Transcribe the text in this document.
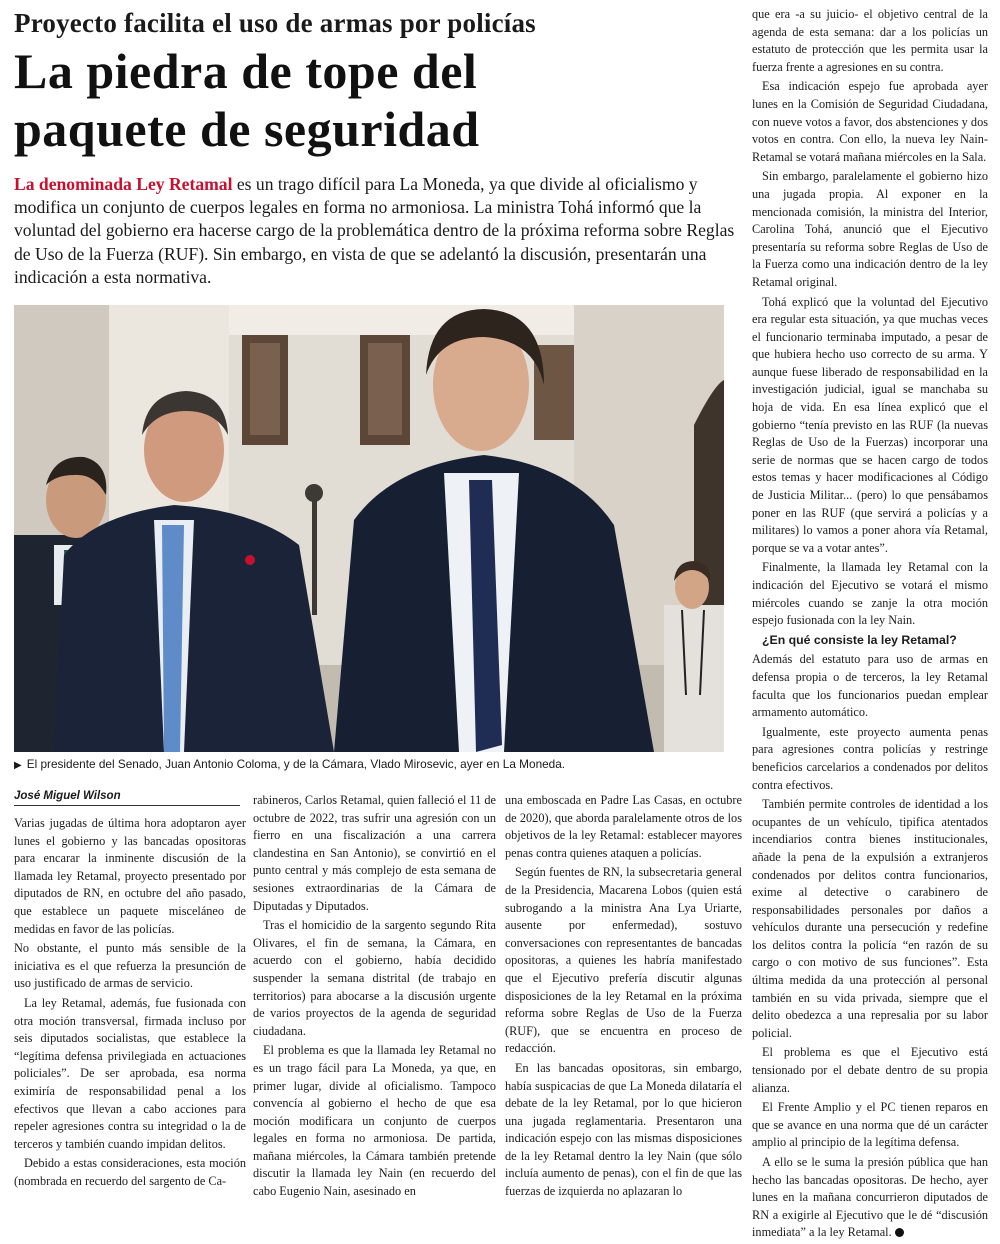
Proyecto facilita el uso de armas por policías
La piedra de tope del
paquete de seguridad
La denominada Ley Retamal es un trago difícil para La Moneda, ya que divide al oficialismo y modifica un conjunto de cuerpos legales en forma no armoniosa. La ministra Tohá informó que la voluntad del gobierno era hacerse cargo de la problemática dentro de la próxima reforma sobre Reglas de Uso de la Fuerza (RUF). Sin embargo, en vista de que se adelantó la discusión, presentarán una indicación a esta normativa.
▶ El presidente del Senado, Juan Antonio Coloma, y de la Cámara, Vlado Mirosevic, ayer en La Moneda.
José Miguel Wilson

Varias jugadas de última hora adoptaron ayer lunes el gobierno y las bancadas opositoras para encarar la inminente discusión de la llamada ley Retamal, proyecto presentado por diputados de RN, en octubre del año pasado, que establece un paquete misceláneo de medidas en favor de las policías.

No obstante, el punto más sensible de la iniciativa es el que refuerza la presunción de uso justificado de armas de servicio.

La ley Retamal, además, fue fusionada con otra moción transversal, firmada incluso por seis diputados socialistas, que establece la “legítima defensa privilegiada en actuaciones policiales”. De ser aprobada, esa norma eximiría de responsabilidad penal a los efectivos que llevan a cabo acciones para repeler agresiones contra su integridad o la de terceros y también cuando impidan delitos.

Debido a estas consideraciones, esta moción (nombrada en recuerdo del sargento de Ca-

rabineros, Carlos Retamal, quien falleció el 11 de octubre de 2022, tras sufrir una agresión con un fierro en una fiscalización a una carrera clandestina en San Antonio), se convirtió en el punto central y más complejo de esta semana de sesiones extraordinarias de la Cámara de Diputadas y Diputados.

Tras el homicidio de la sargento segundo Rita Olivares, el fin de semana, la Cámara, en acuerdo con el gobierno, había decidido suspender la semana distrital (de trabajo en territorios) para abocarse a la discusión urgente de varios proyectos de la agenda de seguridad ciudadana.

El problema es que la llamada ley Retamal no es un trago fácil para La Moneda, ya que, en primer lugar, divide al oficialismo. Tampoco convencía al gobierno el hecho de que esa moción modificara un conjunto de cuerpos legales en forma no armoniosa. De partida, mañana miércoles, la Cámara también pretende discutir la llamada ley Nain (en recuerdo del cabo Eugenio Nain, asesinado en

una emboscada en Padre Las Casas, en octubre de 2020), que aborda paralelamente otros de los objetivos de la ley Retamal: establecer mayores penas contra quienes ataquen a policías.

Según fuentes de RN, la subsecretaria general de la Presidencia, Macarena Lobos (quien está subrogando a la ministra Ana Lya Uriarte, ausente por enfermedad), sostuvo conversaciones con representantes de bancadas opositoras, a quienes les habría manifestado que el Ejecutivo prefería discutir algunas disposiciones de la ley Retamal en la próxima reforma sobre Reglas de Uso de la Fuerza (RUF), que se encuentra en proceso de redacción.

En las bancadas opositoras, sin embargo, había suspicacias de que La Moneda dilataría el debate de la ley Retamal, por lo que hicieron una jugada reglamentaria. Presentaron una indicación espejo con las mismas disposiciones de la ley Retamal dentro la ley Nain (que sólo incluía aumento de penas), con el fin de que las fuerzas de izquierda no aplazaran lo

que era -a su juicio- el objetivo central de la agenda de esta semana: dar a los policías un estatuto de protección que les permita usar la fuerza frente a agresiones en su contra.

Esa indicación espejo fue aprobada ayer lunes en la Comisión de Seguridad Ciudadana, con nueve votos a favor, dos abstenciones y dos votos en contra. Con ello, la nueva ley Nain-Retamal se votará mañana miércoles en la Sala.

Sin embargo, paralelamente el gobierno hizo una jugada propia. Al exponer en la mencionada comisión, la ministra del Interior, Carolina Tohá, anunció que el Ejecutivo presentaría su reforma sobre Reglas de Uso de la Fuerza como una indicación dentro de la ley Retamal original.

Tohá explicó que la voluntad del Ejecutivo era regular esta situación, ya que muchas veces el funcionario terminaba imputado, a pesar de que hubiera hecho uso correcto de su arma. Y aunque fuese liberado de responsabilidad en la investigación judicial, igual se manchaba su hoja de vida. En esa línea explicó que el gobierno “tenía previsto en las RUF (la nuevas Reglas de Uso de la Fuerzas) incorporar una serie de normas que se hacen cargo de todos estos temas y hacer modificaciones al Código de Justicia Militar... (pero) lo que pensábamos poner en las RUF (que servirá a policías y a militares) lo vamos a poner ahora vía Retamal, porque se va a votar antes”.

Finalmente, la llamada ley Retamal con la indicación del Ejecutivo se votará el mismo miércoles cuando se zanje la otra moción espejo fusionada con la ley Nain.

¿En qué consiste la ley Retamal?

Además del estatuto para uso de armas en defensa propia o de terceros, la ley Retamal faculta que los funcionarios puedan emplear armamento automático.

Igualmente, este proyecto aumenta penas para agresiones contra policías y restringe beneficios carcelarios a condenados por delitos contra efectivos.

También permite controles de identidad a los ocupantes de un vehículo, tipifica atentados incendiarios contra bienes institucionales, añade la pena de la expulsión a extranjeros condenados por delitos contra funcionarios, exime al detective o carabinero de responsabilidades personales por daños a vehículos durante una persecución y redefine los delitos contra la policía “en razón de su cargo o con motivo de sus funciones”. Esta última medida da una protección al personal también en su vida privada, siempre que el delito obedezca a una represalia por su labor policial.

El problema es que el Ejecutivo está tensionado por el debate dentro de su propia alianza.

El Frente Amplio y el PC tienen reparos en que se avance en una norma que dé un carácter amplio al principio de la legítima defensa.

A ello se le suma la presión pública que han hecho las bancadas opositoras. De hecho, ayer lunes en la mañana concurrieron diputados de RN a exigirle al Ejecutivo que le dé “discusión inmediata” a la ley Retamal.
